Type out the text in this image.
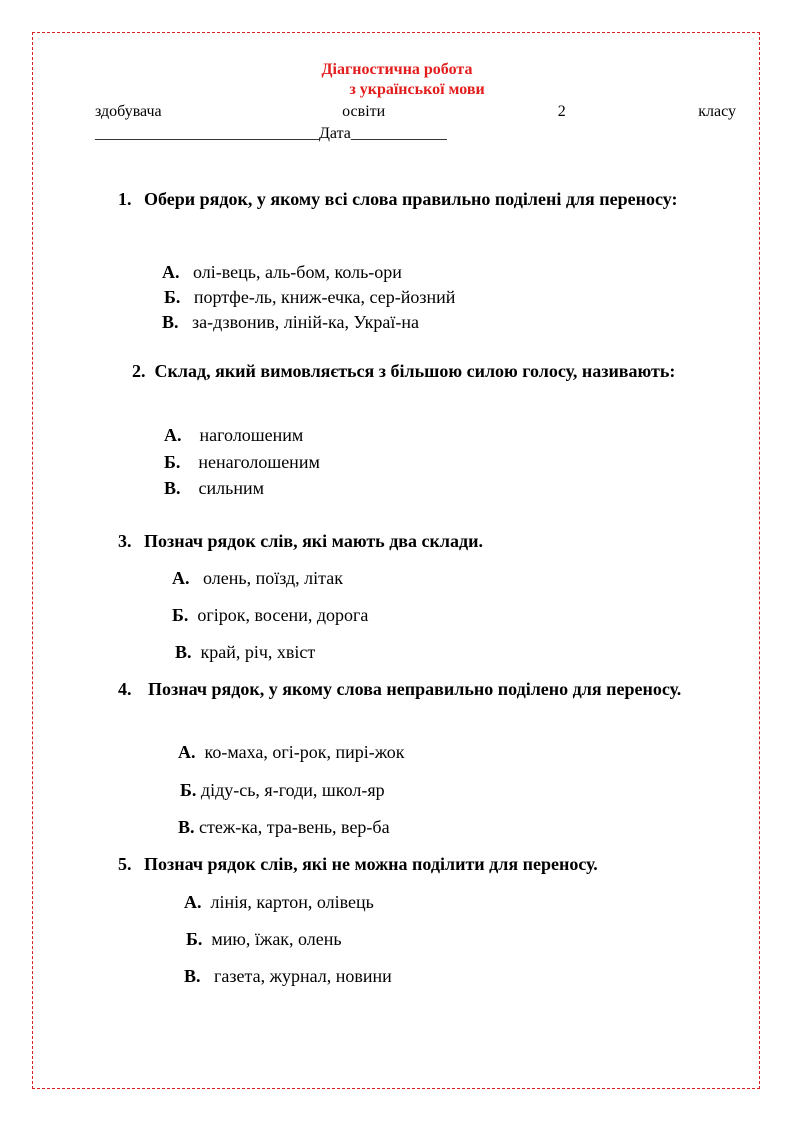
Діагностична робота
з української мови
здобувача	освіти	2	класу
____________________________Дата____________
1. Обери рядок, у якому всі слова правильно поділені для переносу:
А. олі-вець, аль-бом, коль-ори
Б. портфе-ль, книж-ечка, сер-йозний
В. за-дзвонив, ліній-ка, Украї-на
2. Склад, який вимовляється з більшою силою голосу, називають:
А. наголошеним
Б. ненаголошеним
В. сильним
3. Познач рядок слів, які мають два склади.
А. олень, поїзд, літак
Б. огірок, восени, дорога
В. край, річ, хвіст
4. Познач рядок, у якому слова неправильно поділено для переносу.
А. ко-маха, огі-рок, пирі-жок
Б. діду-сь, я-годи, школ-яр
В. стеж-ка, тра-вень, вер-ба
5. Познач рядок слів, які не можна поділити для переносу.
А. лінія, картон, олівець
Б. мию, їжак, олень
В. газета, журнал, новини
